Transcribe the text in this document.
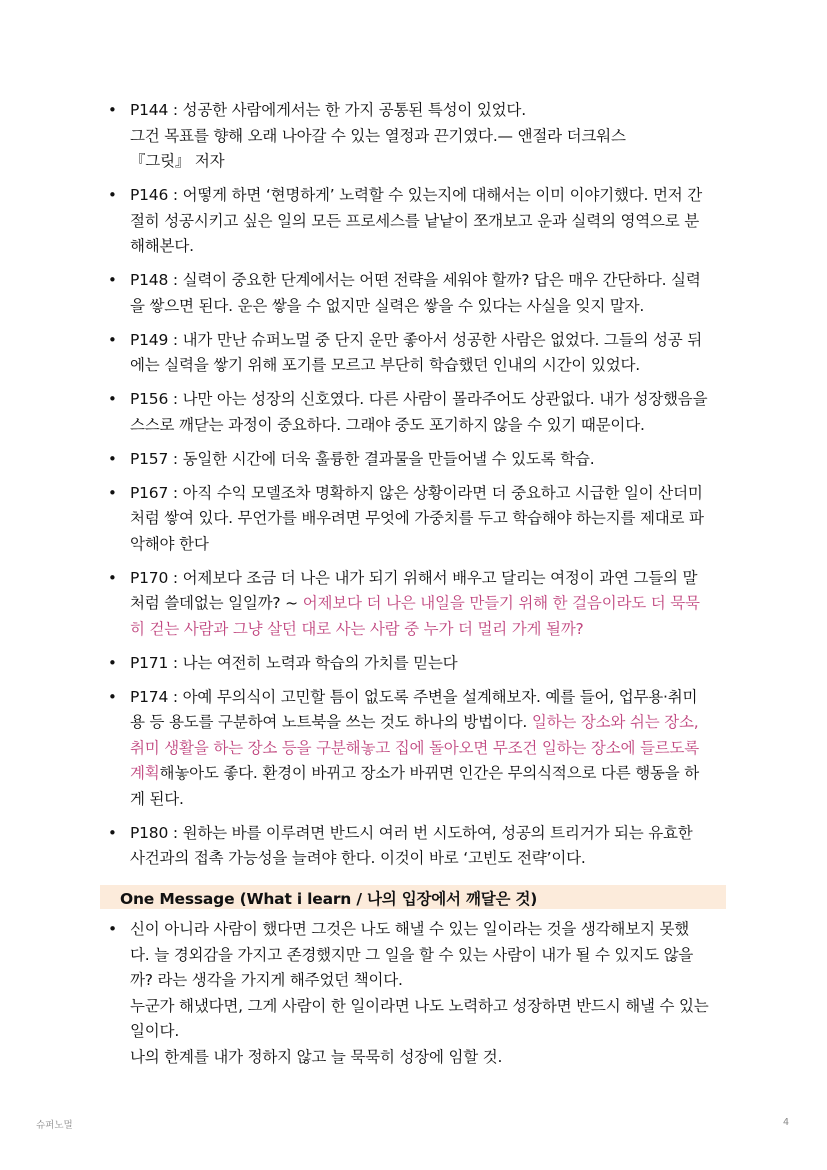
• P144 : 성공한 사람에게서는 한 가지 공통된 특성이 있었다.
그건 목표를 향해 오래 나아갈 수 있는 열정과 끈기였다.— 앤절라 더크워스
『그릿』 저자
• P146 : 어떻게 하면 ‘현명하게’ 노력할 수 있는지에 대해서는 이미 이야기했다. 먼저 간
절히 성공시키고 싶은 일의 모든 프로세스를 낱낱이 쪼개보고 운과 실력의 영역으로 분
해해본다.
• P148 : 실력이 중요한 단계에서는 어떤 전략을 세워야 할까? 답은 매우 간단하다. 실력
을 쌓으면 된다. 운은 쌓을 수 없지만 실력은 쌓을 수 있다는 사실을 잊지 말자.
• P149 : 내가 만난 슈퍼노멀 중 단지 운만 좋아서 성공한 사람은 없었다. 그들의 성공 뒤
에는 실력을 쌓기 위해 포기를 모르고 부단히 학습했던 인내의 시간이 있었다.
• P156 : 나만 아는 성장의 신호였다. 다른 사람이 몰라주어도 상관없다. 내가 성장했음을
스스로 깨닫는 과정이 중요하다. 그래야 중도 포기하지 않을 수 있기 때문이다.
• P157 : 동일한 시간에 더욱 훌륭한 결과물을 만들어낼 수 있도록 학습.
• P167 : 아직 수익 모델조차 명확하지 않은 상황이라면 더 중요하고 시급한 일이 산더미
처럼 쌓여 있다. 무언가를 배우려면 무엇에 가중치를 두고 학습해야 하는지를 제대로 파
악해야 한다
• P170 : 어제보다 조금 더 나은 내가 되기 위해서 배우고 달리는 여정이 과연 그들의 말
처럼 쓸데없는 일일까? ~ 어제보다 더 나은 내일을 만들기 위해 한 걸음이라도 더 묵묵
히 걷는 사람과 그냥 살던 대로 사는 사람 중 누가 더 멀리 가게 될까?
• P171 : 나는 여전히 노력과 학습의 가치를 믿는다
• P174 : 아예 무의식이 고민할 틈이 없도록 주변을 설계해보자. 예를 들어, 업무용·취미
용 등 용도를 구분하여 노트북을 쓰는 것도 하나의 방법이다. 일하는 장소와 쉬는 장소,
취미 생활을 하는 장소 등을 구분해놓고 집에 돌아오면 무조건 일하는 장소에 들르도록
계획해놓아도 좋다. 환경이 바뀌고 장소가 바뀌면 인간은 무의식적으로 다른 행동을 하
게 된다.
• P180 : 원하는 바를 이루려면 반드시 여러 번 시도하여, 성공의 트리거가 되는 유효한
사건과의 접촉 가능성을 늘려야 한다. 이것이 바로 ‘고빈도 전략’이다.
One Message (What i learn / 나의 입장에서 깨달은 것)
• 신이 아니라 사람이 했다면 그것은 나도 해낼 수 있는 일이라는 것을 생각해보지 못했
다. 늘 경외감을 가지고 존경했지만 그 일을 할 수 있는 사람이 내가 될 수 있지도 않을
까? 라는 생각을 가지게 해주었던 책이다.
누군가 해냈다면, 그게 사람이 한 일이라면 나도 노력하고 성장하면 반드시 해낼 수 있는
일이다.
나의 한계를 내가 정하지 않고 늘 묵묵히 성장에 임할 것.
슈퍼노멀	4
